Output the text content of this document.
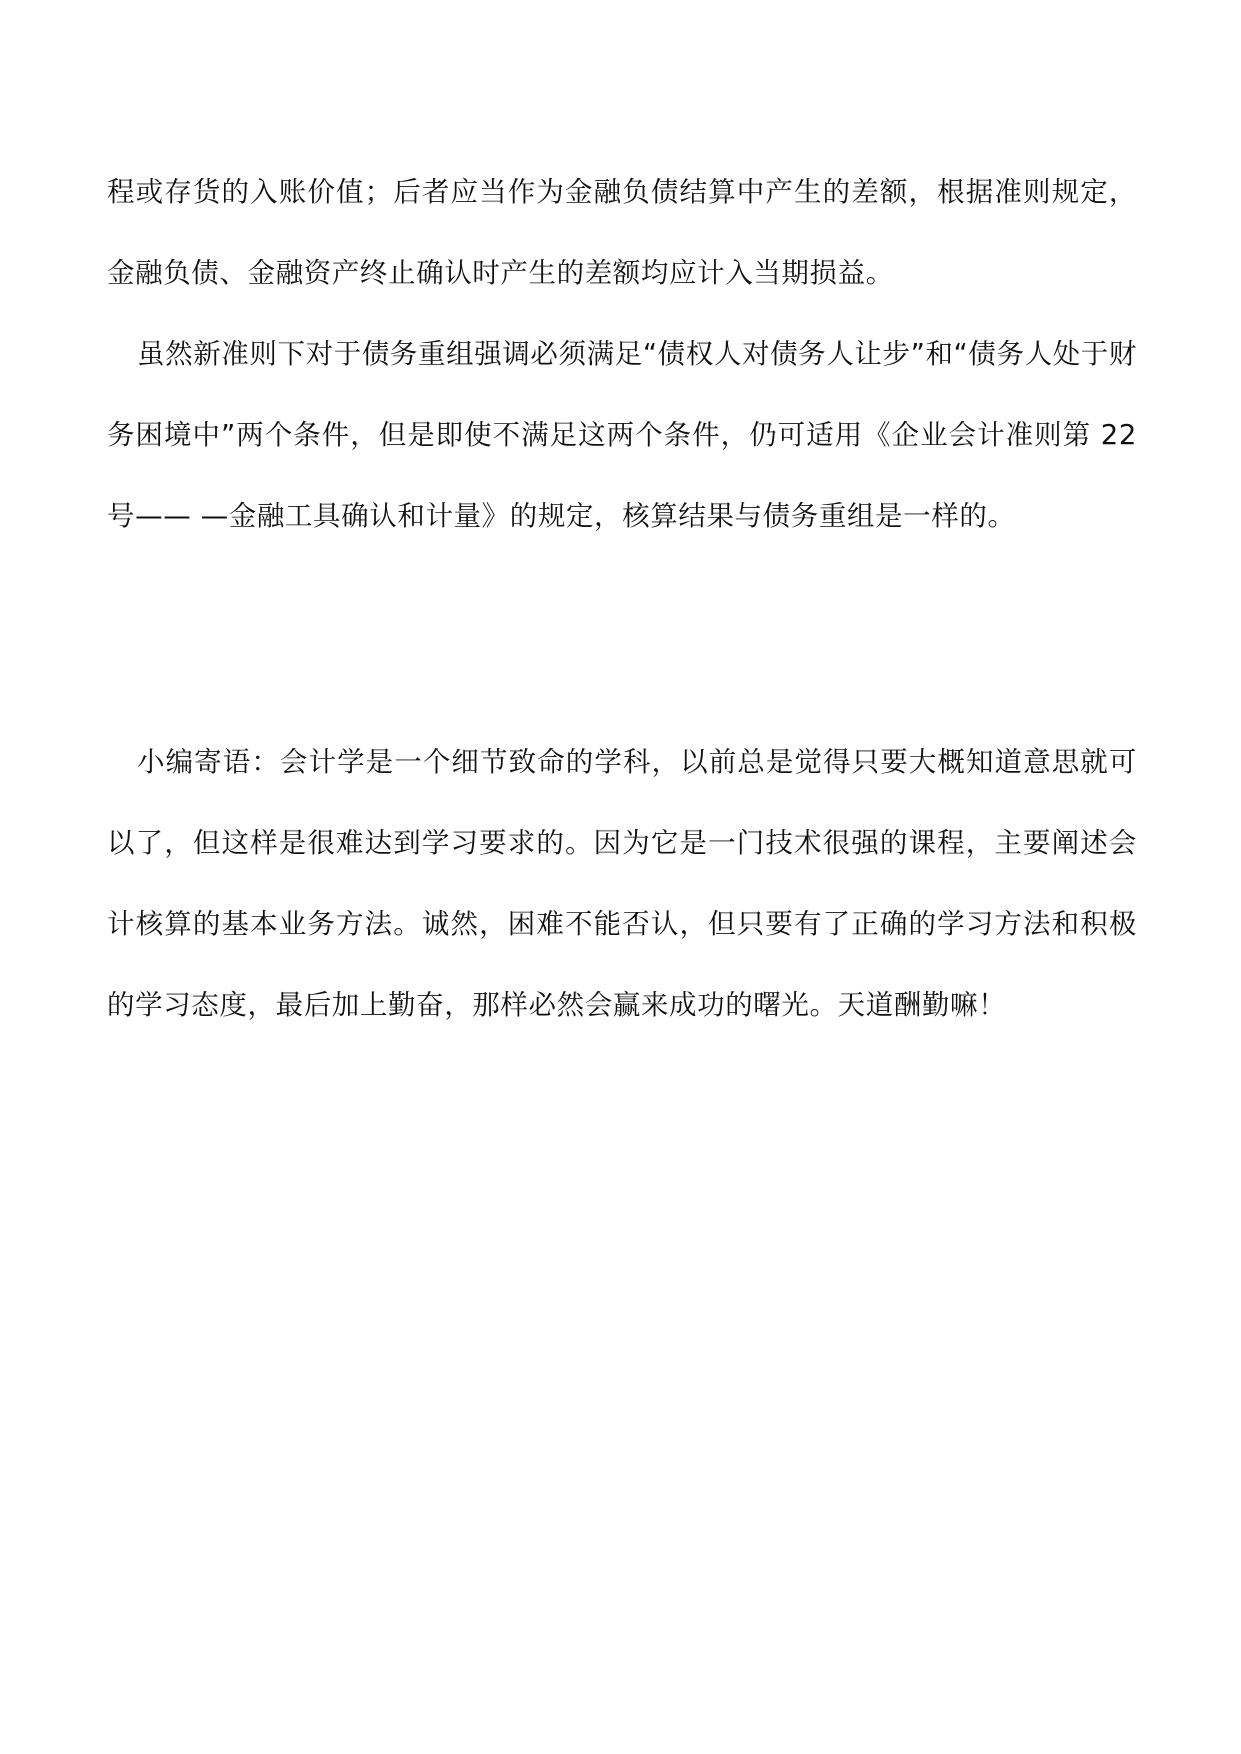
程或存货的入账价值；后者应当作为金融负债结算中产生的差额，根据准则规定，金融负债、金融资产终止确认时产生的差额均应计入当期损益。

虽然新准则下对于债务重组强调必须满足“债权人对债务人让步”和“债务人处于财务困境中”两个条件，但是即使不满足这两个条件，仍可适用《企业会计准则第 22 号—— —金融工具确认和计量》的规定，核算结果与债务重组是一样的。

小编寄语：会计学是一个细节致命的学科，以前总是觉得只要大概知道意思就可以了，但这样是很难达到学习要求的。因为它是一门技术很强的课程，主要阐述会计核算的基本业务方法。诚然，困难不能否认，但只要有了正确的学习方法和积极的学习态度，最后加上勤奋，那样必然会赢来成功的曙光。天道酬勤嘛！
